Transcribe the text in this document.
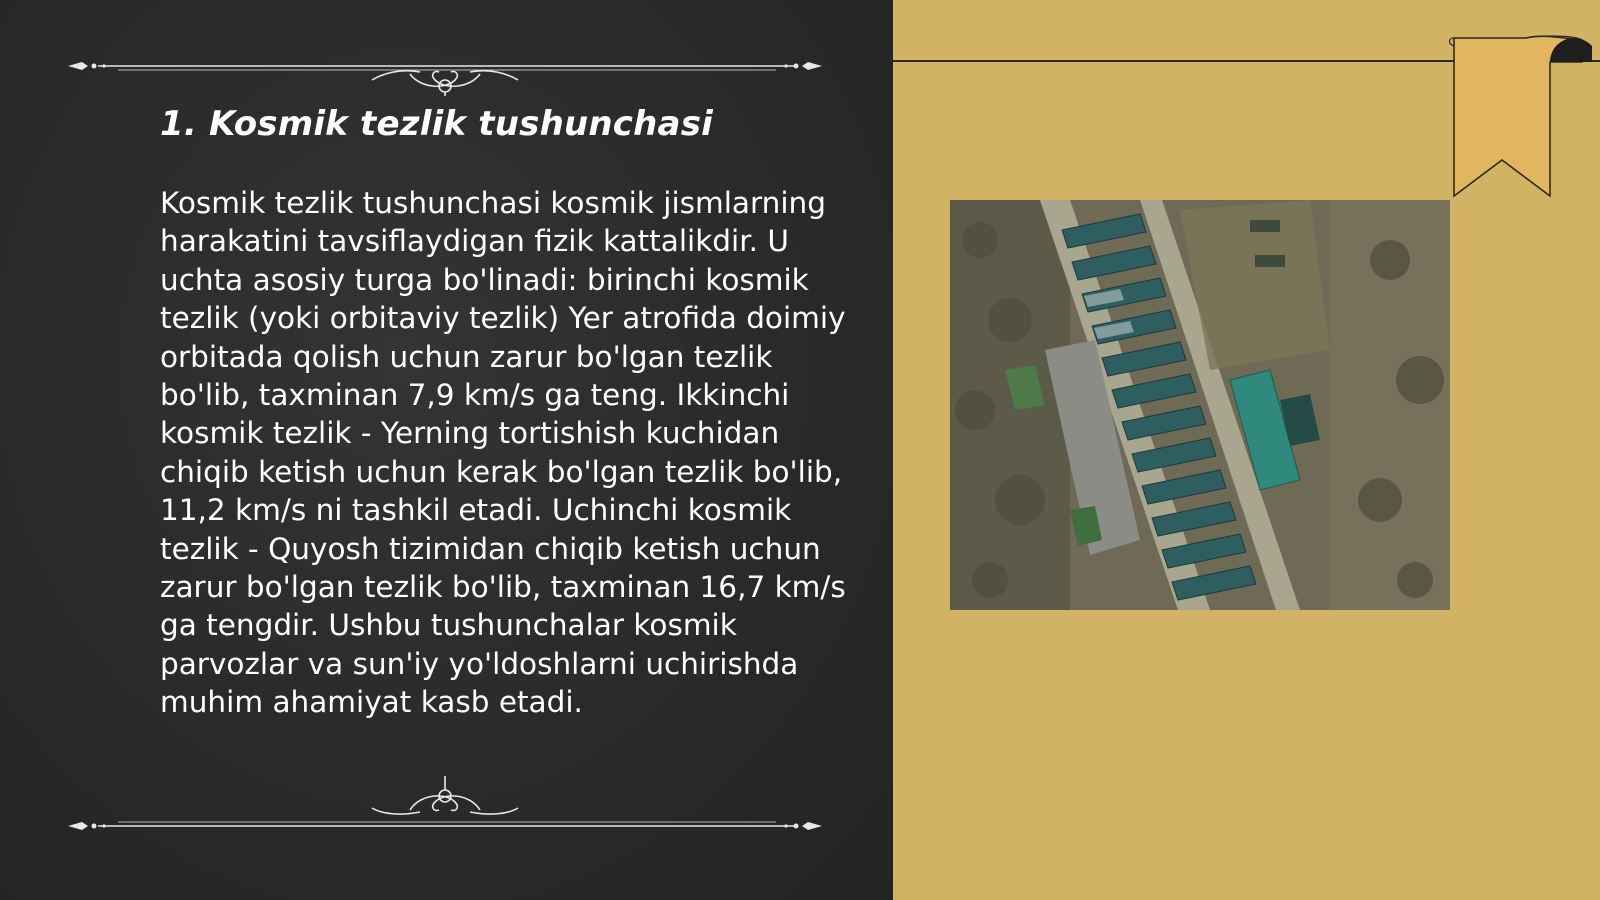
1. Kosmik tezlik tushunchasi

Kosmik tezlik tushunchasi kosmik jismlarning harakatini tavsiflaydigan fizik kattalikdir. U uchta asosiy turga bo'linadi: birinchi kosmik tezlik (yoki orbitaviy tezlik) Yer atrofida doimiy orbitada qolish uchun zarur bo'lgan tezlik bo'lib, taxminan 7,9 km/s ga teng. Ikkinchi kosmik tezlik - Yerning tortishish kuchidan chiqib ketish uchun kerak bo'lgan tezlik bo'lib, 11,2 km/s ni tashkil etadi. Uchinchi kosmik tezlik - Quyosh tizimidan chiqib ketish uchun zarur bo'lgan tezlik bo'lib, taxminan 16,7 km/s ga tengdir. Ushbu tushunchalar kosmik parvozlar va sun'iy yo'ldoshlarni uchirishda muhim ahamiyat kasb etadi.
